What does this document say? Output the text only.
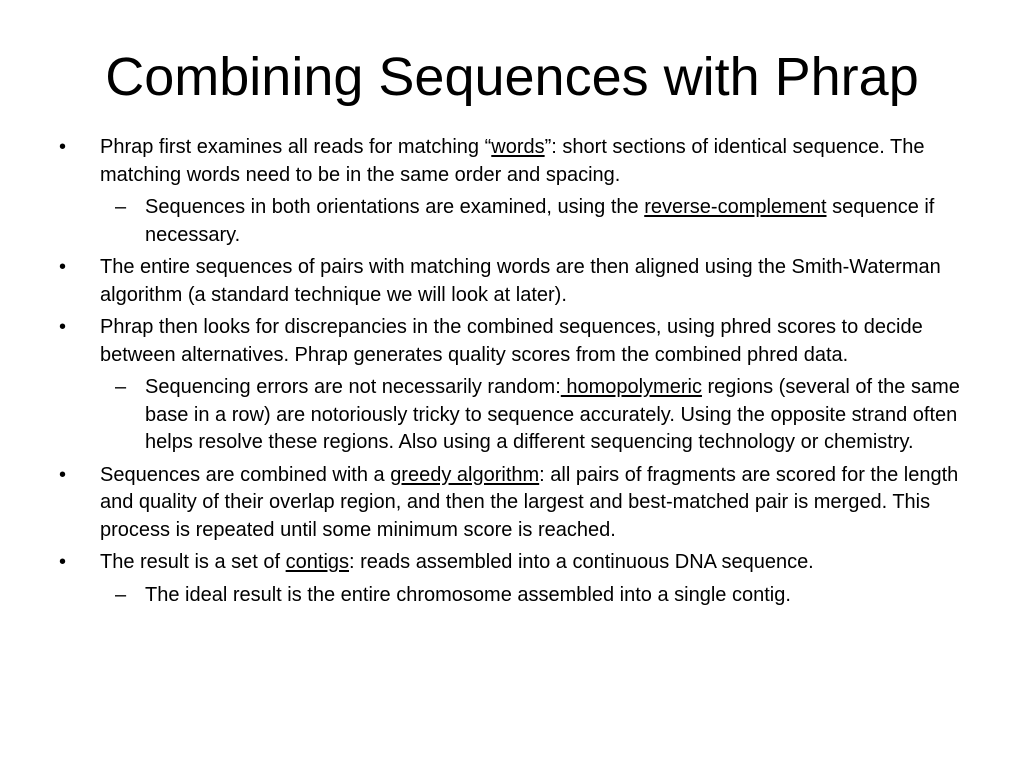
Combining Sequences with Phrap
• Phrap first examines all reads for matching “words”: short sections of identical sequence. The matching words need to be in the same order and spacing.
– Sequences in both orientations are examined, using the reverse-complement sequence if necessary.
• The entire sequences of pairs with matching words are then aligned using the Smith-Waterman algorithm (a standard technique we will look at later).
• Phrap then looks for discrepancies in the combined sequences, using phred scores to decide between alternatives. Phrap generates quality scores from the combined phred data.
– Sequencing errors are not necessarily random: homopolymeric regions (several of the same base in a row) are notoriously tricky to sequence accurately. Using the opposite strand often helps resolve these regions. Also using a different sequencing technology or chemistry.
• Sequences are combined with a greedy algorithm: all pairs of fragments are scored for the length and quality of their overlap region, and then the largest and best-matched pair is merged. This process is repeated until some minimum score is reached.
• The result is a set of contigs: reads assembled into a continuous DNA sequence.
– The ideal result is the entire chromosome assembled into a single contig.
